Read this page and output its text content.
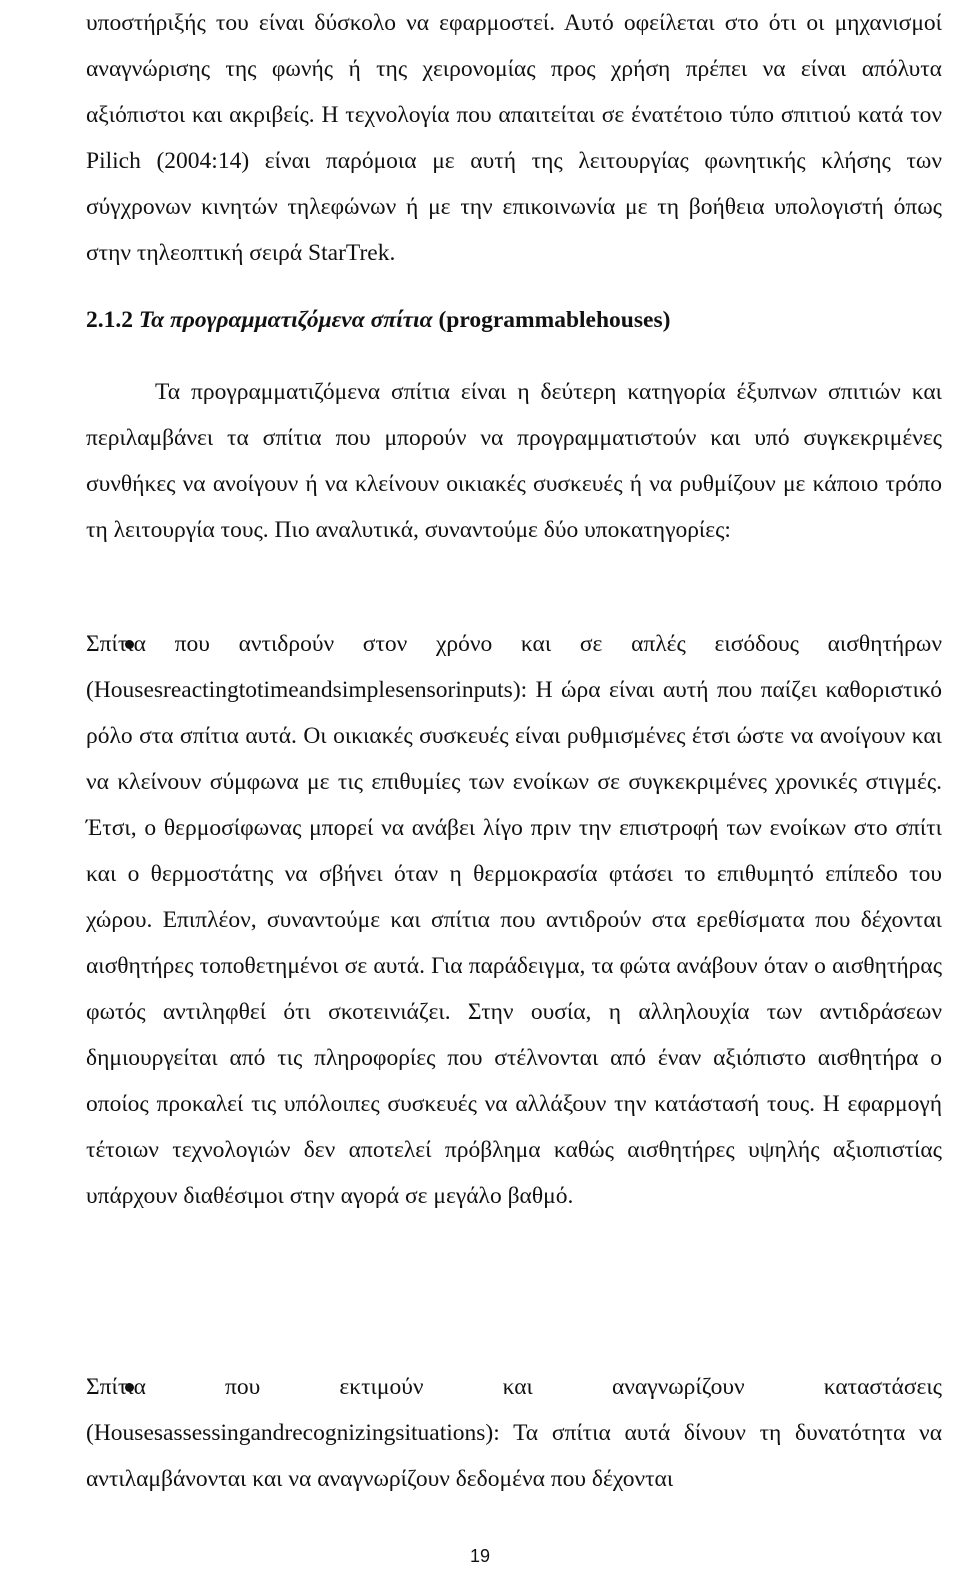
υποστήριξής του είναι δύσκολο να εφαρμοστεί. Αυτό οφείλεται στο ότι οι μηχανισμοί αναγνώρισης της φωνής ή της χειρονομίας προς χρήση πρέπει να είναι απόλυτα αξιόπιστοι και ακριβείς. Η τεχνολογία που απαιτείται σε ένατέτοιο τύπο σπιτιού κατά τον Pilich (2004:14) είναι παρόμοια με αυτή της λειτουργίας φωνητικής κλήσης των σύγχρονων κινητών τηλεφώνων ή με την επικοινωνία με τη βοήθεια υπολογιστή όπως στην τηλεοπτική σειρά StarTrek.

2.1.2 Τα προγραμματιζόμενα σπίτια (programmablehouses)

Τα προγραμματιζόμενα σπίτια είναι η δεύτερη κατηγορία έξυπνων σπιτιών και περιλαμβάνει τα σπίτια που μπορούν να προγραμματιστούν και υπό συγκεκριμένες συνθήκες να ανοίγουν ή να κλείνουν οικιακές συσκευές ή να ρυθμίζουν με κάποιο τρόπο τη λειτουργία τους. Πιο αναλυτικά, συναντούμε δύο υποκατηγορίες:

Σπίτια που αντιδρούν στον χρόνο και σε απλές εισόδους αισθητήρων (Housesreactingtotimeandsimplesensorinputs): Η ώρα είναι αυτή που παίζει καθοριστικό ρόλο στα σπίτια αυτά. Οι οικιακές συσκευές είναι ρυθμισμένες έτσι ώστε να ανοίγουν και να κλείνουν σύμφωνα με τις επιθυμίες των ενοίκων σε συγκεκριμένες χρονικές στιγμές. Έτσι, ο θερμοσίφωνας μπορεί να ανάβει λίγο πριν την επιστροφή των ενοίκων στο σπίτι και ο θερμοστάτης να σβήνει όταν η θερμοκρασία φτάσει το επιθυμητό επίπεδο του χώρου. Επιπλέον, συναντούμε και σπίτια που αντιδρούν στα ερεθίσματα που δέχονται αισθητήρες τοποθετημένοι σε αυτά. Για παράδειγμα, τα φώτα ανάβουν όταν ο αισθητήρας φωτός αντιληφθεί ότι σκοτεινιάζει. Στην ουσία, η αλληλουχία των αντιδράσεων δημιουργείται από τις πληροφορίες που στέλνονται από έναν αξιόπιστο αισθητήρα ο οποίος προκαλεί τις υπόλοιπες συσκευές να αλλάξουν την κατάστασή τους. Η εφαρμογή τέτοιων τεχνολογιών δεν αποτελεί πρόβλημα καθώς αισθητήρες υψηλής αξιοπιστίας υπάρχουν διαθέσιμοι στην αγορά σε μεγάλο βαθμό.
Σπίτια που εκτιμούν και αναγνωρίζουν καταστάσεις (Housesassessingandrecognizingsituations): Τα σπίτια αυτά δίνουν τη δυνατότητα να αντιλαμβάνονται και να αναγνωρίζουν δεδομένα που δέχονται
19
